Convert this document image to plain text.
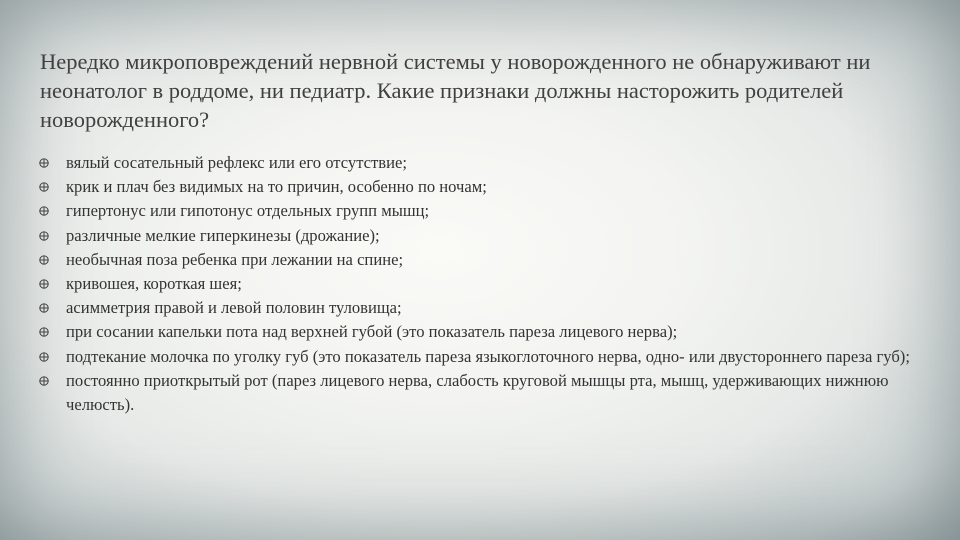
Нередко микроповреждений нервной системы у новорожденного не обнаруживают ни неонатолог в роддоме, ни педиатр. Какие признаки должны насторожить родителей новорожденного?
вялый сосательный рефлекс или его отсутствие;
крик и плач без видимых на то причин, особенно по ночам;
гипертонус или гипотонус отдельных групп мышц;
различные мелкие гиперкинезы (дрожание);
необычная поза ребенка при лежании на спине;
кривошея, короткая шея;
асимметрия правой и левой половин туловища;
при сосании капельки пота над верхней губой (это показатель пареза лицевого нерва);
подтекание молочка по уголку губ (это показатель пареза языкоглоточного нерва, одно- или двустороннего пареза губ);
постоянно приоткрытый рот (парез лицевого нерва, слабость круговой мышцы рта, мышц, удерживающих нижнюю челюсть).
